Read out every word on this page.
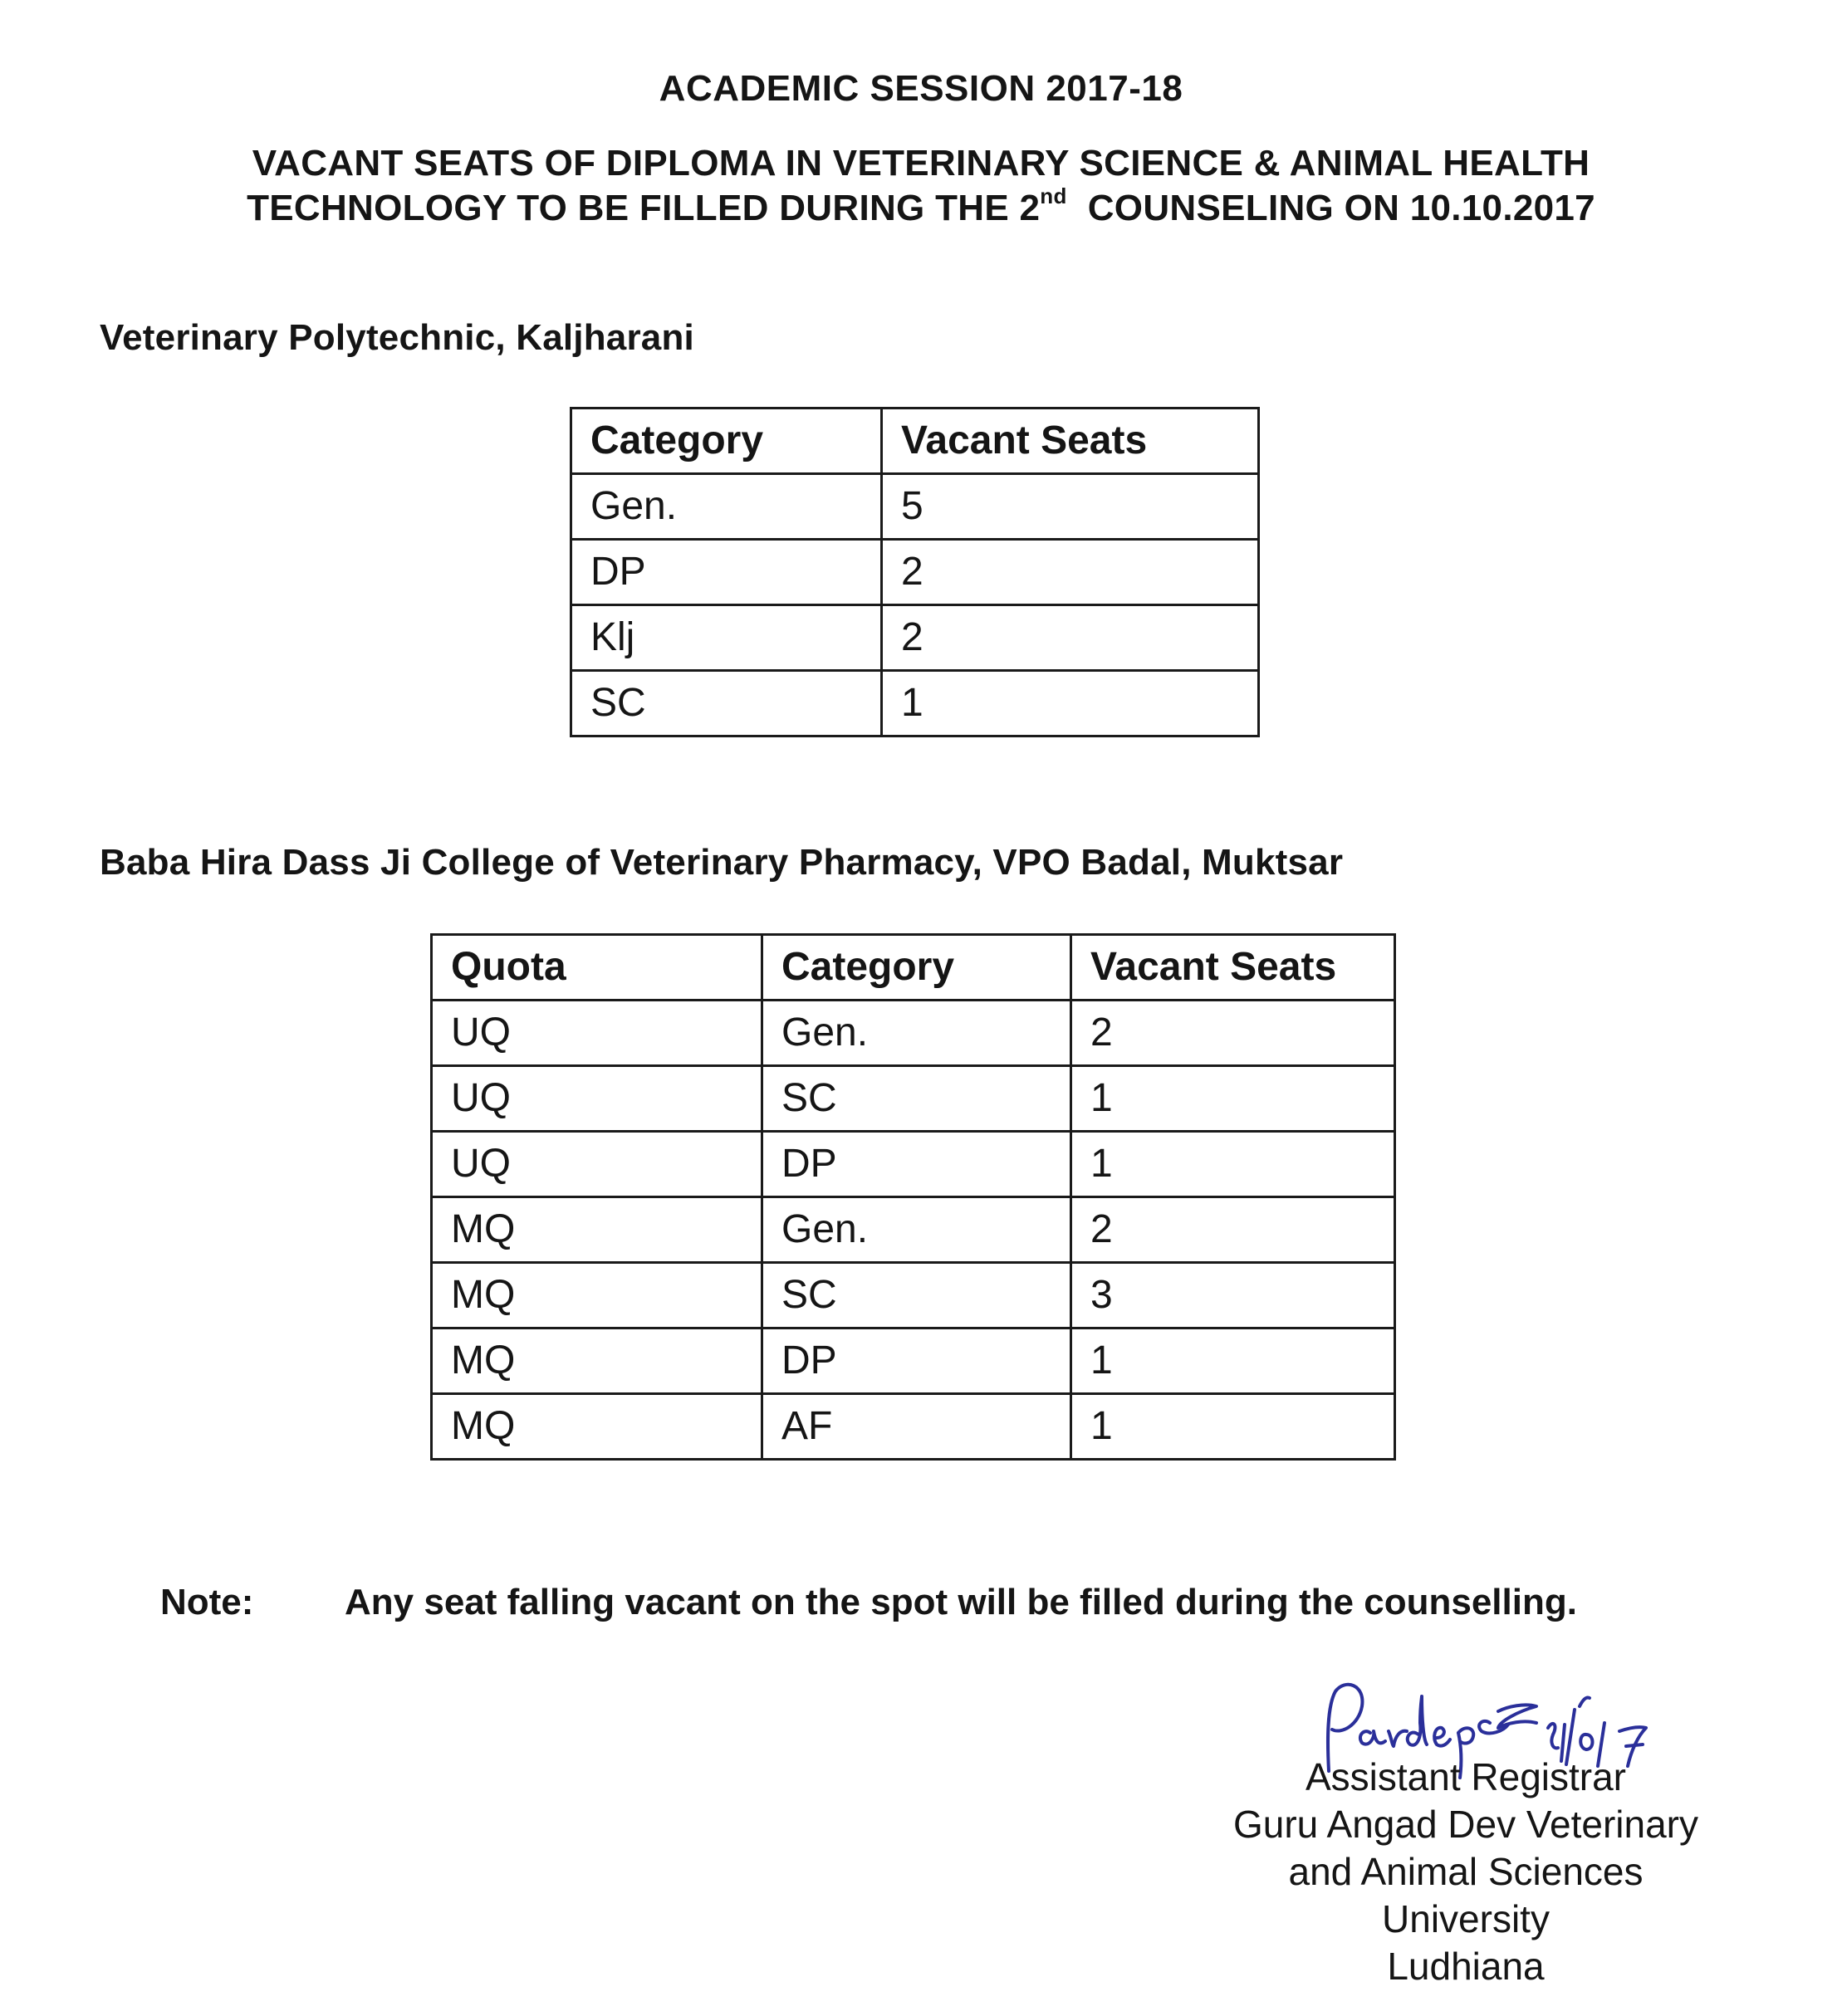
ACADEMIC SESSION 2017-18
VACANT SEATS OF DIPLOMA IN VETERINARY SCIENCE & ANIMAL HEALTH
TECHNOLOGY TO BE FILLED DURING THE 2nd  COUNSELING ON 10.10.2017
Veterinary Polytechnic, Kaljharani
Category	Vacant Seats
Gen.	5
DP	2
Klj	2
SC	1
Baba Hira Dass Ji College of Veterinary Pharmacy, VPO Badal, Muktsar
Quota	Category	Vacant Seats
UQ	Gen.	2
UQ	SC	1
UQ	DP	1
MQ	Gen.	2
MQ	SC	3
MQ	DP	1
MQ	AF	1
Note: Any seat falling vacant on the spot will be filled during the counselling.
Assistant Registrar
Guru Angad Dev Veterinary
and Animal Sciences
University
Ludhiana
